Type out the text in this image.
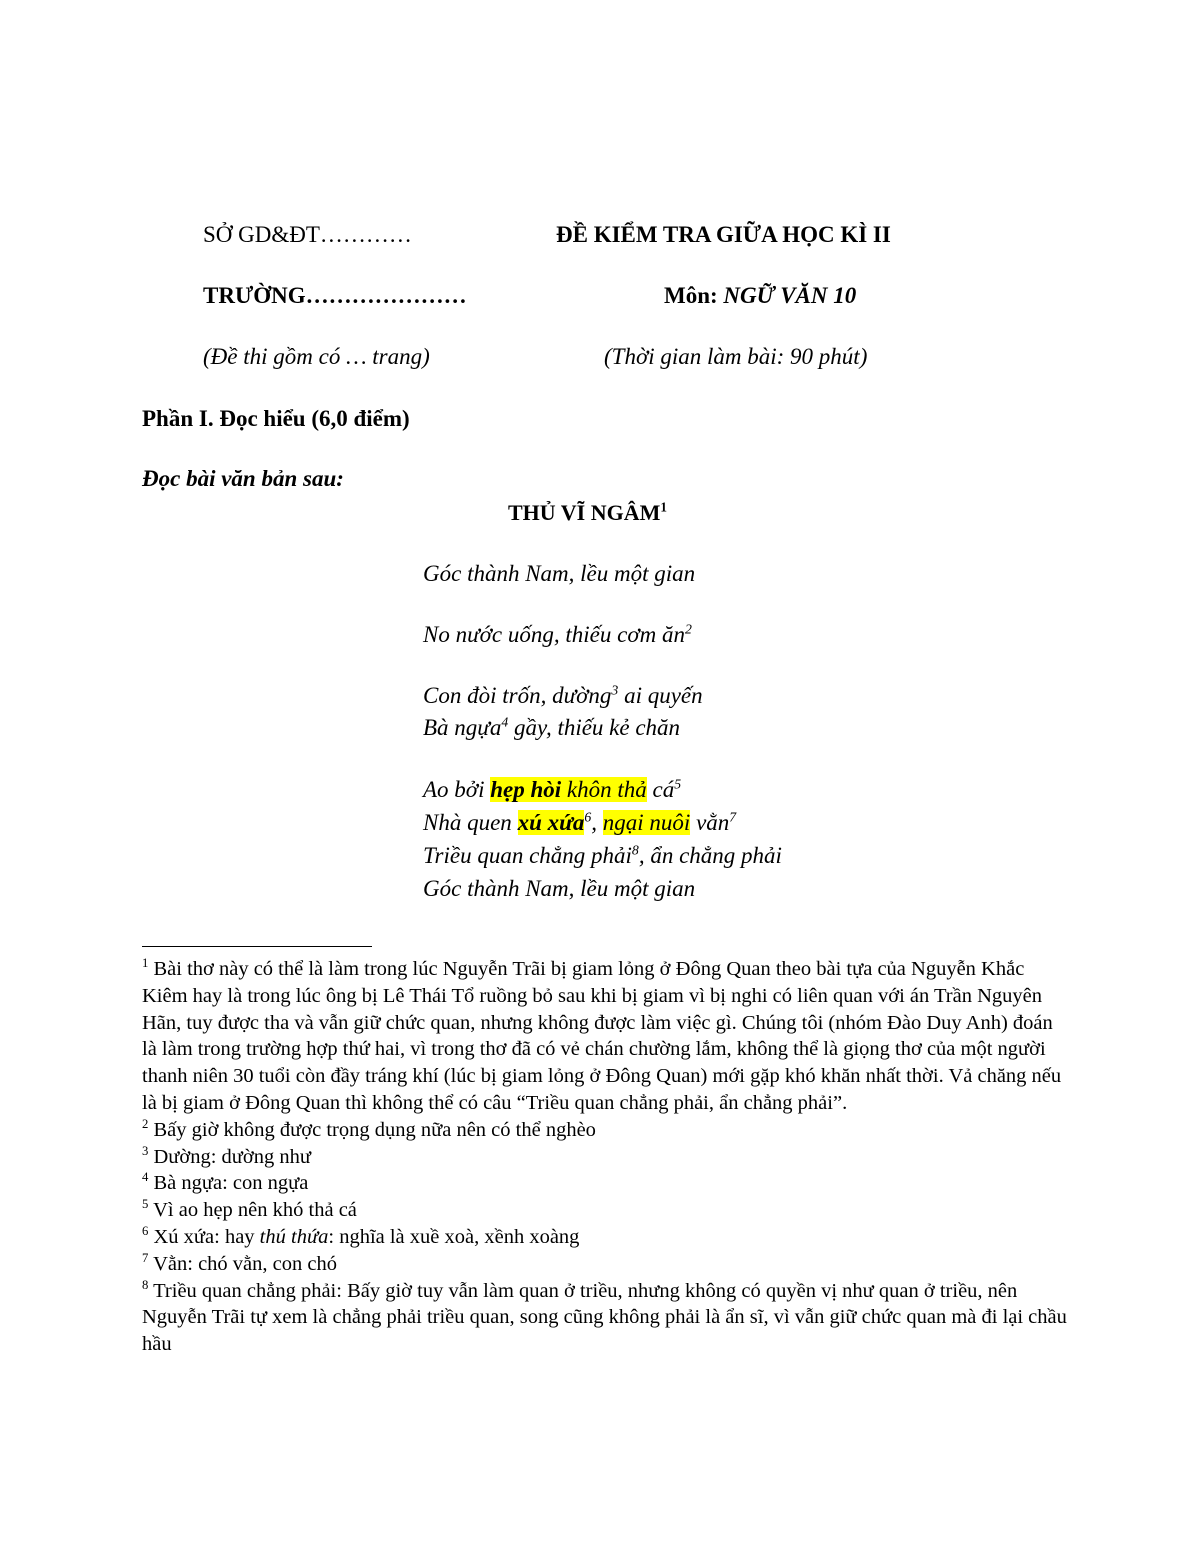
SỞ GD&ĐT…………	ĐỀ KIỂM TRA GIỮA HỌC KÌ II
TRƯỜNG…………………	Môn: NGỮ VĂN 10
(Đề thi gồm có … trang)	(Thời gian làm bài: 90 phút)
Phần I. Đọc hiểu (6,0 điểm)
Đọc bài văn bản sau:
THỦ VĨ NGÂM$^1$
Góc thành Nam, lều một gian
No nước uống, thiếu cơm $ăn^2$
Con đòi trốn, dường$^3$ ai quyến
Bà ngựa$^4$ gầy, thiếu kẻ chăn
Ao bởi hẹp hòi khôn thả $cá^5$
Nhà quen xú xứa$^6$, ngại nuôi vằn$^7$
Triều quan chẳng phải$^8$, ẩn chẳng phải
Góc thành Nam, lều một gian

$^1$ Bài thơ này có thể là làm trong lúc Nguyễn Trãi bị giam lỏng ở Đông Quan theo bài tựa của Nguyễn Khắc Kiêm hay là trong lúc ông bị Lê Thái Tổ ruồng bỏ sau khi bị giam vì bị nghi có liên quan với án Trần Nguyên Hãn, tuy được tha và vẫn giữ chức quan, nhưng không được làm việc gì. Chúng tôi (nhóm Đào Duy Anh) đoán là làm trong trường hợp thứ hai, vì trong thơ đã có vẻ chán chường lắm, không thể là giọng thơ của một người thanh niên 30 tuổi còn đầy tráng khí (lúc bị giam lỏng ở Đông Quan) mới gặp khó khăn nhất thời. Vả chăng nếu là bị giam ở Đông Quan thì không thể có câu “Triều quan chẳng phải, ẩn chẳng phải”.

$^2$ Bấy giờ không được trọng dụng nữa nên có thể nghèo

$^3$ Dường: dường như

$^4$ Bà ngựa: con ngựa

$^5$ Vì ao hẹp nên khó thả cá

$^6$ Xú xứa: hay thú thứa: nghĩa là xuề xoà, xềnh xoàng

$^7$ Vằn: chó vằn, con chó

$^8$ Triều quan chẳng phải: Bấy giờ tuy vẫn làm quan ở triều, nhưng không có quyền vị như quan ở triều, nên Nguyễn Trãi tự xem là chẳng phải triều quan, song cũng không phải là ẩn sĩ, vì vẫn giữ chức quan mà đi lại chầu hầu
